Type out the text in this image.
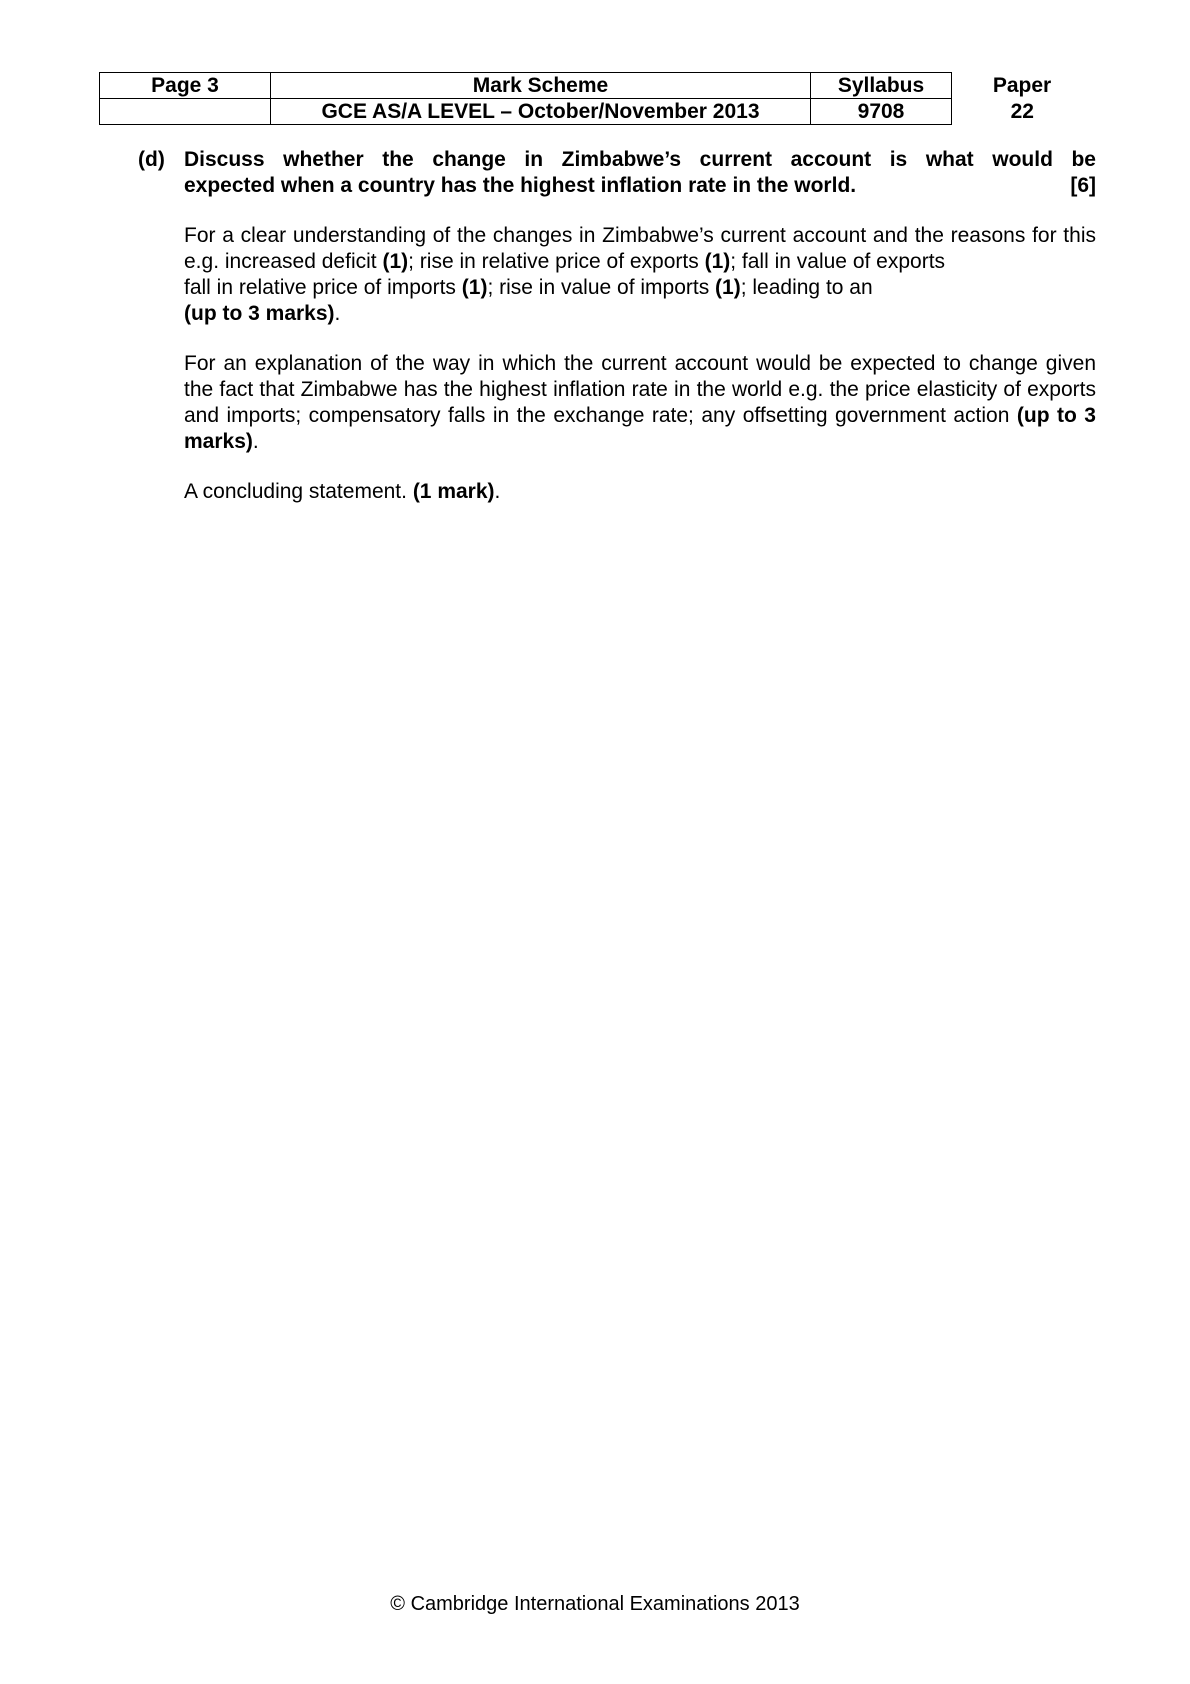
Page 3	Mark Scheme	Syllabus	Paper
	GCE AS/A LEVEL – October/November 2013	9708	22
(d) Discuss whether the change in Zimbabwe’s current account is what would be
expected when a country has the highest inflation rate in the world.	[6]
For a clear understanding of the changes in Zimbabwe’s current account and the reasons for this e.g. increased deficit (1); rise in relative price of exports (1); fall in value of exports
fall in relative price of imports (1); rise in value of imports (1); leading to an
(up to 3 marks).
For an explanation of the way in which the current account would be expected to change given the fact that Zimbabwe has the highest inflation rate in the world e.g. the price elasticity of exports and imports; compensatory falls in the exchange rate; any offsetting government action (up to 3 marks).
A concluding statement. (1 mark).
© Cambridge International Examinations 2013
